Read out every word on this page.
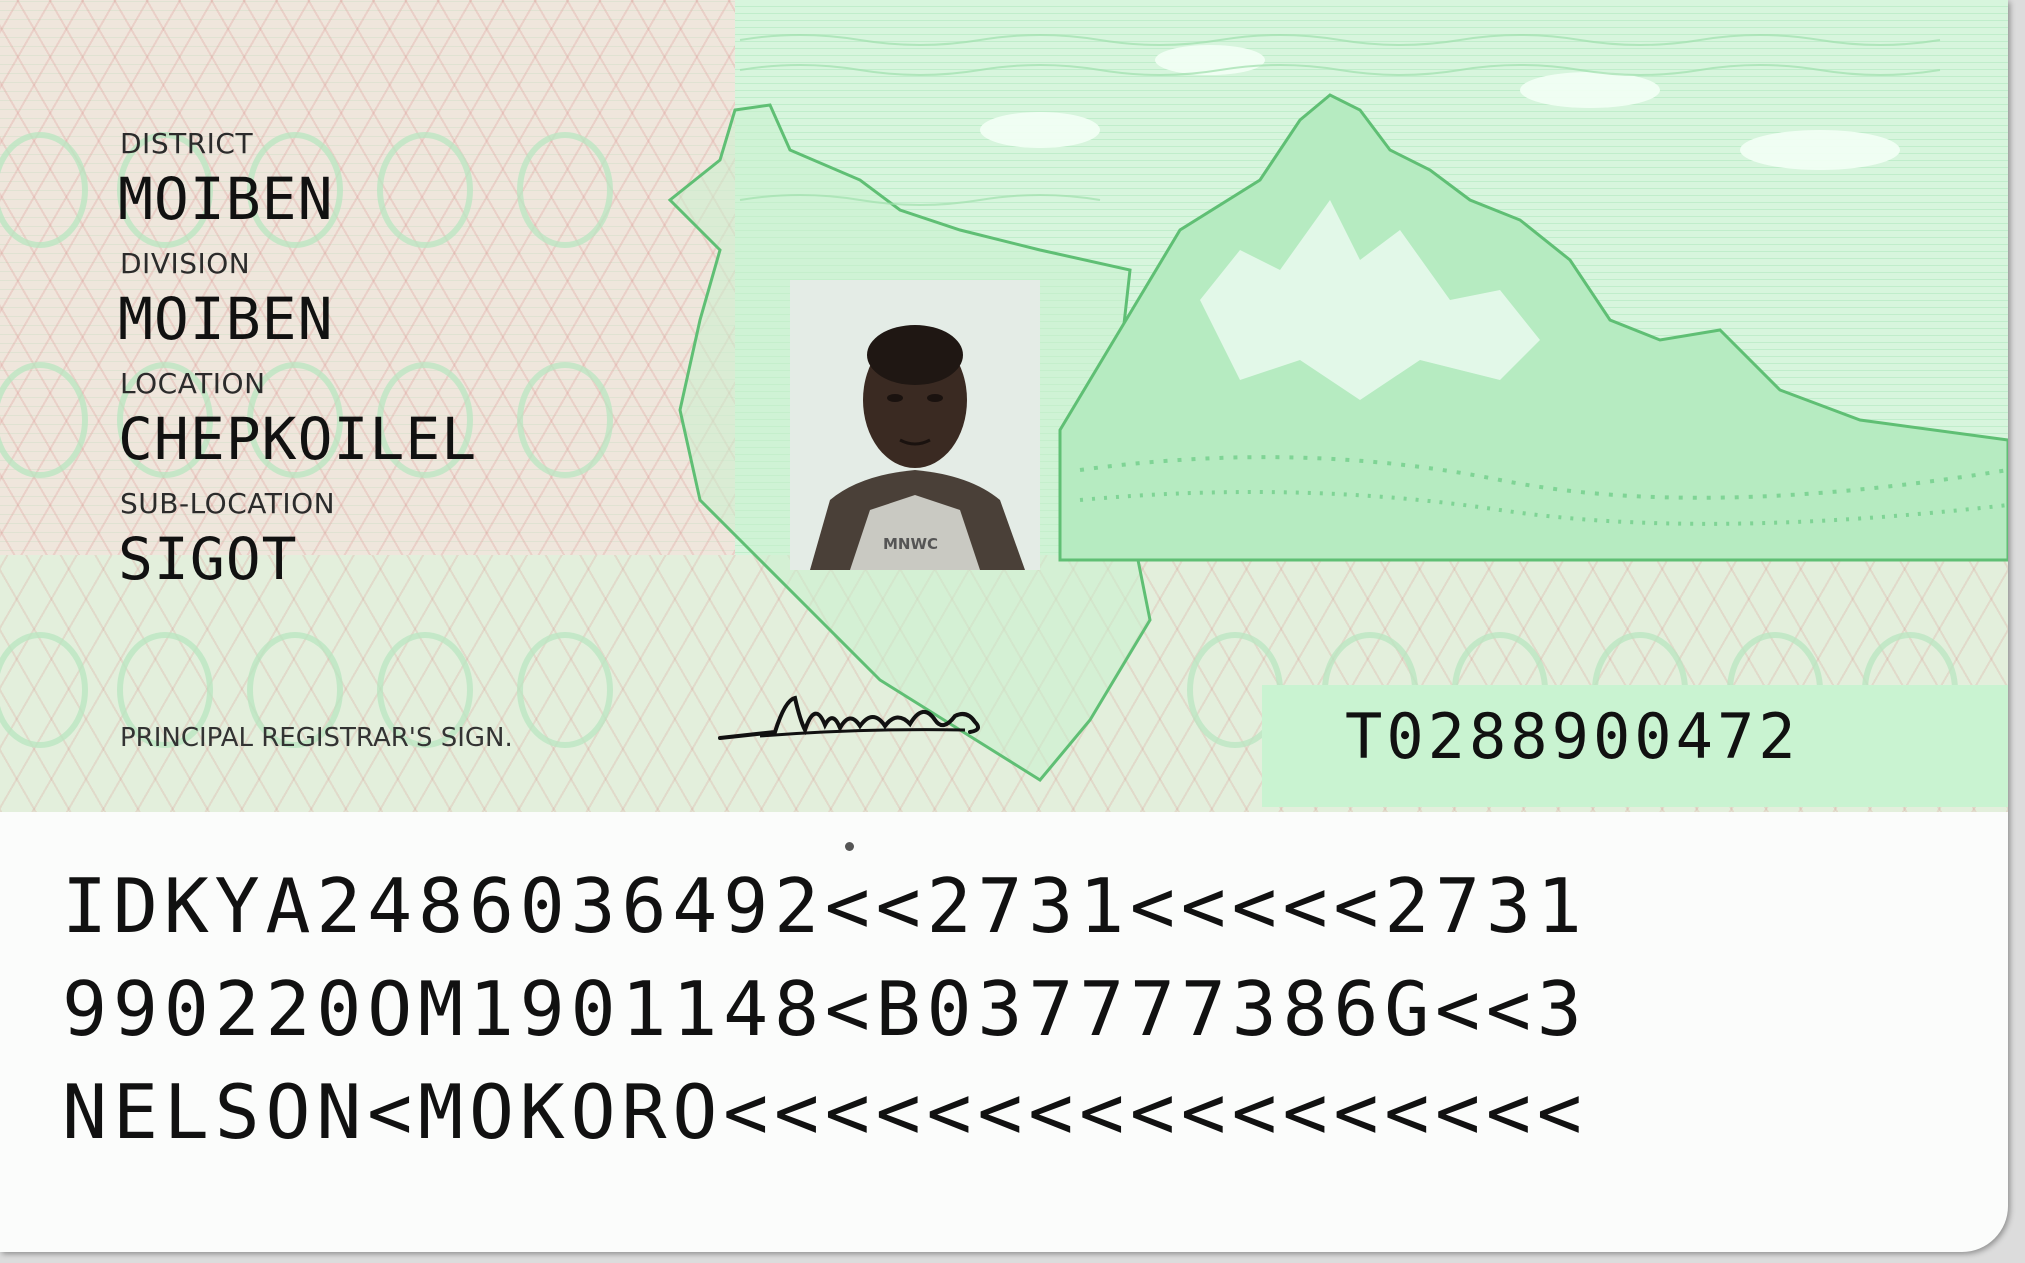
DISTRICT
MOIBEN
DIVISION
MOIBEN
LOCATION
CHEPKOILEL
SUB-LOCATION
SIGOT	MNWC
PRINCIPAL REGISTRAR'S SIGN.	T0288900472
IDKYA2486036492<<2731<<<<<2731
990220OM1901148<B037777386G<<3
NELSON<MOKORO<<<<<<<<<<<<<<<<<
